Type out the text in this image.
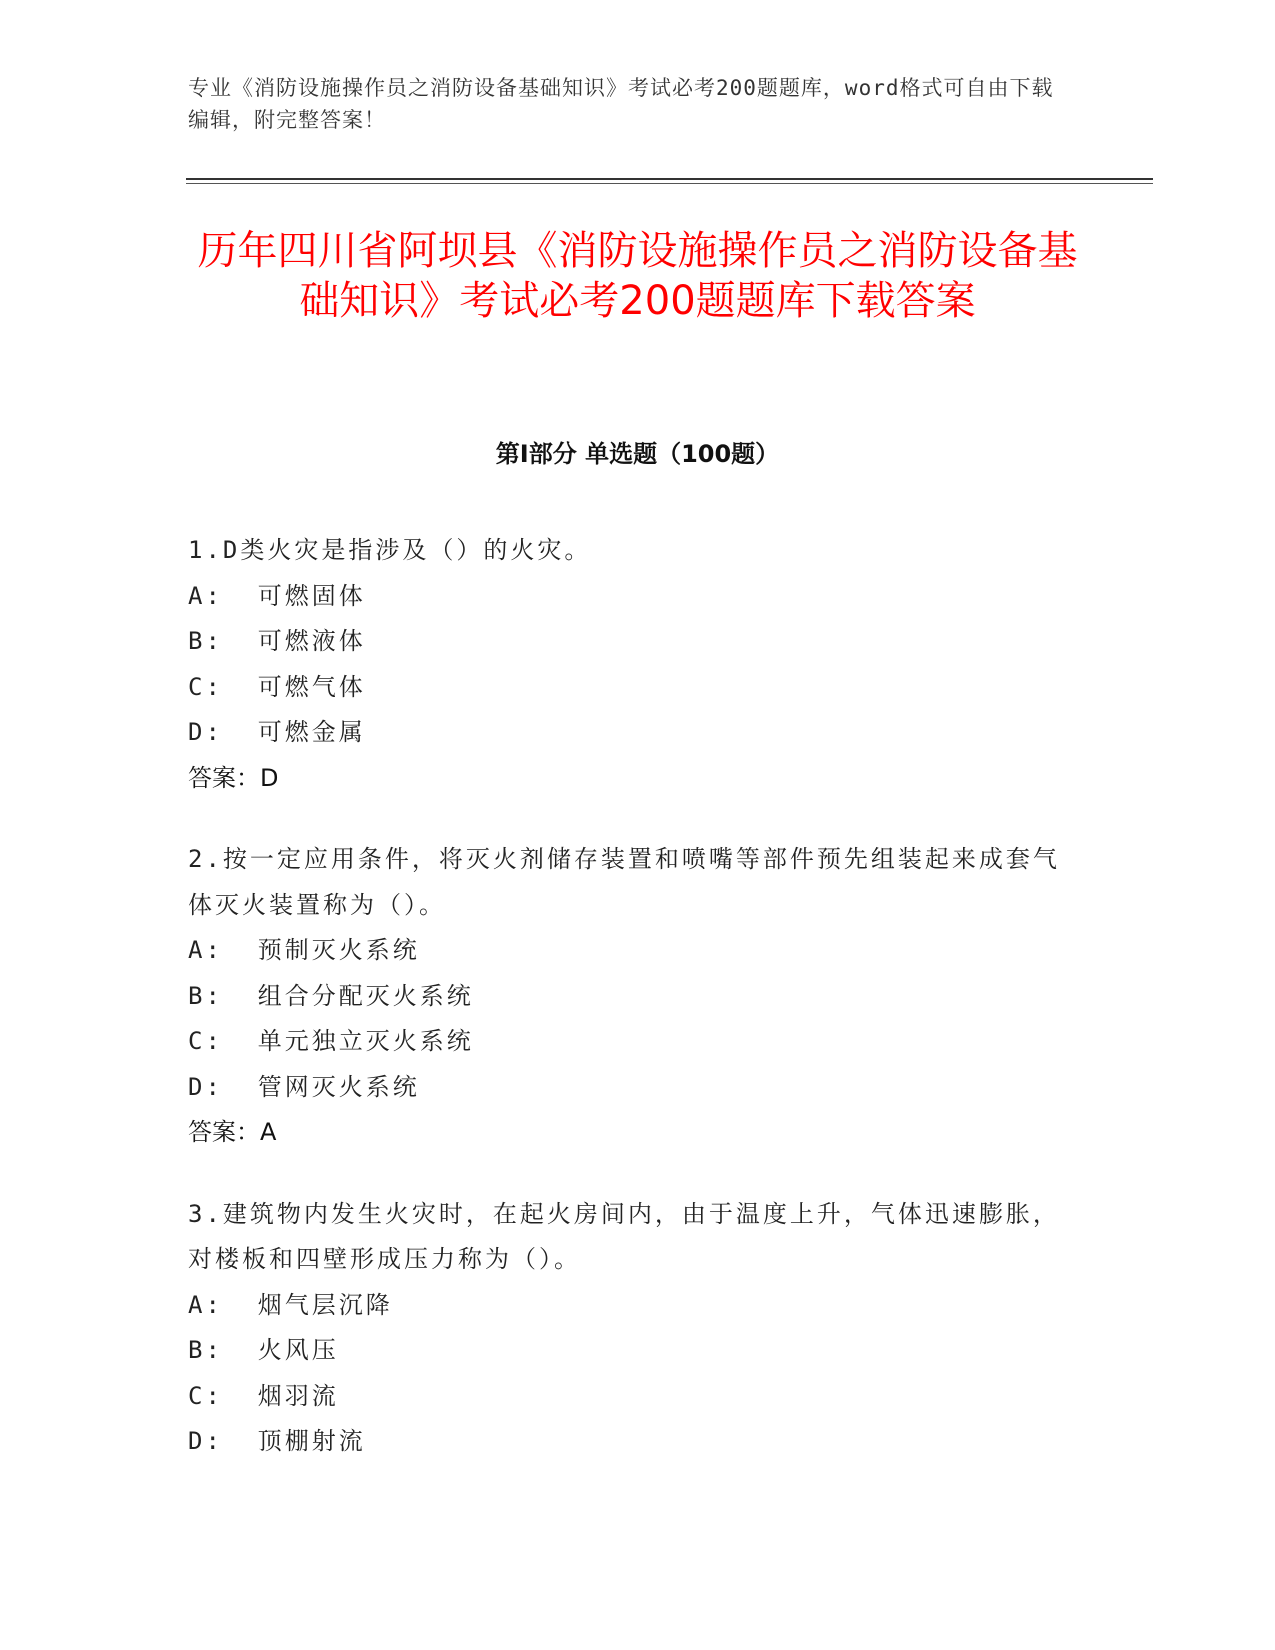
专业《消防设施操作员之消防设备基础知识》考试必考200题题库，word格式可自由下载编辑，附完整答案！
历年四川省阿坝县《消防设施操作员之消防设备基础知识》考试必考200题题库下载答案
第Ⅰ部分 单选题（100题）

1.D类火灾是指涉及（）的火灾。

A:  可燃固体

B:  可燃液体

C:  可燃气体

D:  可燃金属

答案：D

2.按一定应用条件，将灭火剂储存装置和喷嘴等部件预先组装起来成套气体灭火装置称为（）。

A:  预制灭火系统

B:  组合分配灭火系统

C:  单元独立灭火系统

D:  管网灭火系统

答案：A

3.建筑物内发生火灾时，在起火房间内，由于温度上升，气体迅速膨胀，对楼板和四壁形成压力称为（）。

A:  烟气层沉降

B:  火风压

C:  烟羽流

D:  顶棚射流
